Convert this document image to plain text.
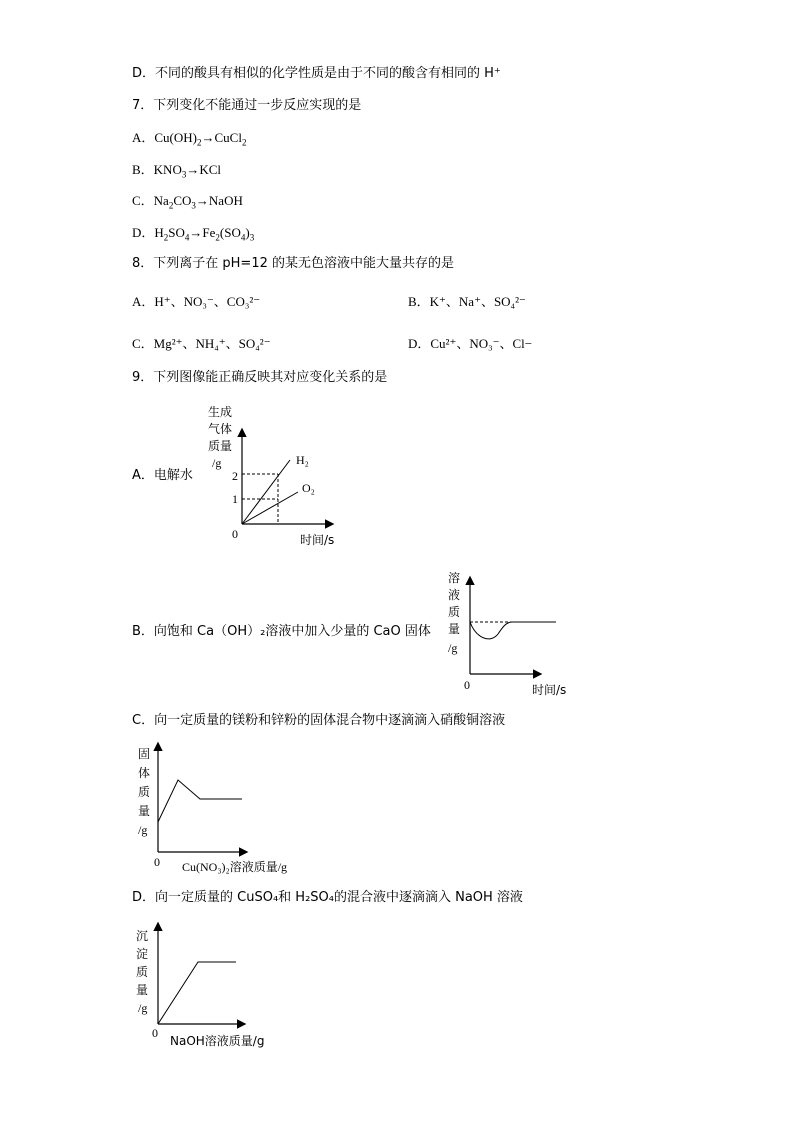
D．不同的酸具有相似的化学性质是由于不同的酸含有相同的 H⁺
7．下列变化不能通过一步反应实现的是
A．$Cu(OH)_2\to CuCl_2$
B．$KNO_3\to KCl$
C．$Na_2CO_3\to NaOH$
D．$H_2SO_4\to Fe_2(SO_4)_3$
8．下列离子在 pH=12 的某无色溶液中能大量共存的是
A．H⁺、NO₃⁻、CO₃²⁻	B．K⁺、Na⁺、SO₄²⁻
C．Mg²⁺、NH₄⁺、SO₄²⁻	D．Cu²⁺、NO₃⁻、Cl−
9．下列图像能正确反映其对应变化关系的是
A．电解水
生成
气体
质量
/g
2
1
0
H₂
O₂
时间/s
B．向饱和 Ca（OH）₂溶液中加入少量的 CaO 固体
溶
液
质
量
/g
0	时间/s
C．向一定质量的镁粉和锌粉的固体混合物中逐滴滴入硝酸铜溶液
固
体
质
量
/g
0 Cu(NO₃)₂溶液质量/g
D．向一定质量的 CuSO₄和 H₂SO₄的混合液中逐滴滴入 NaOH 溶液
沉
淀
质
量
/g
0
NaOH溶液质量/g
